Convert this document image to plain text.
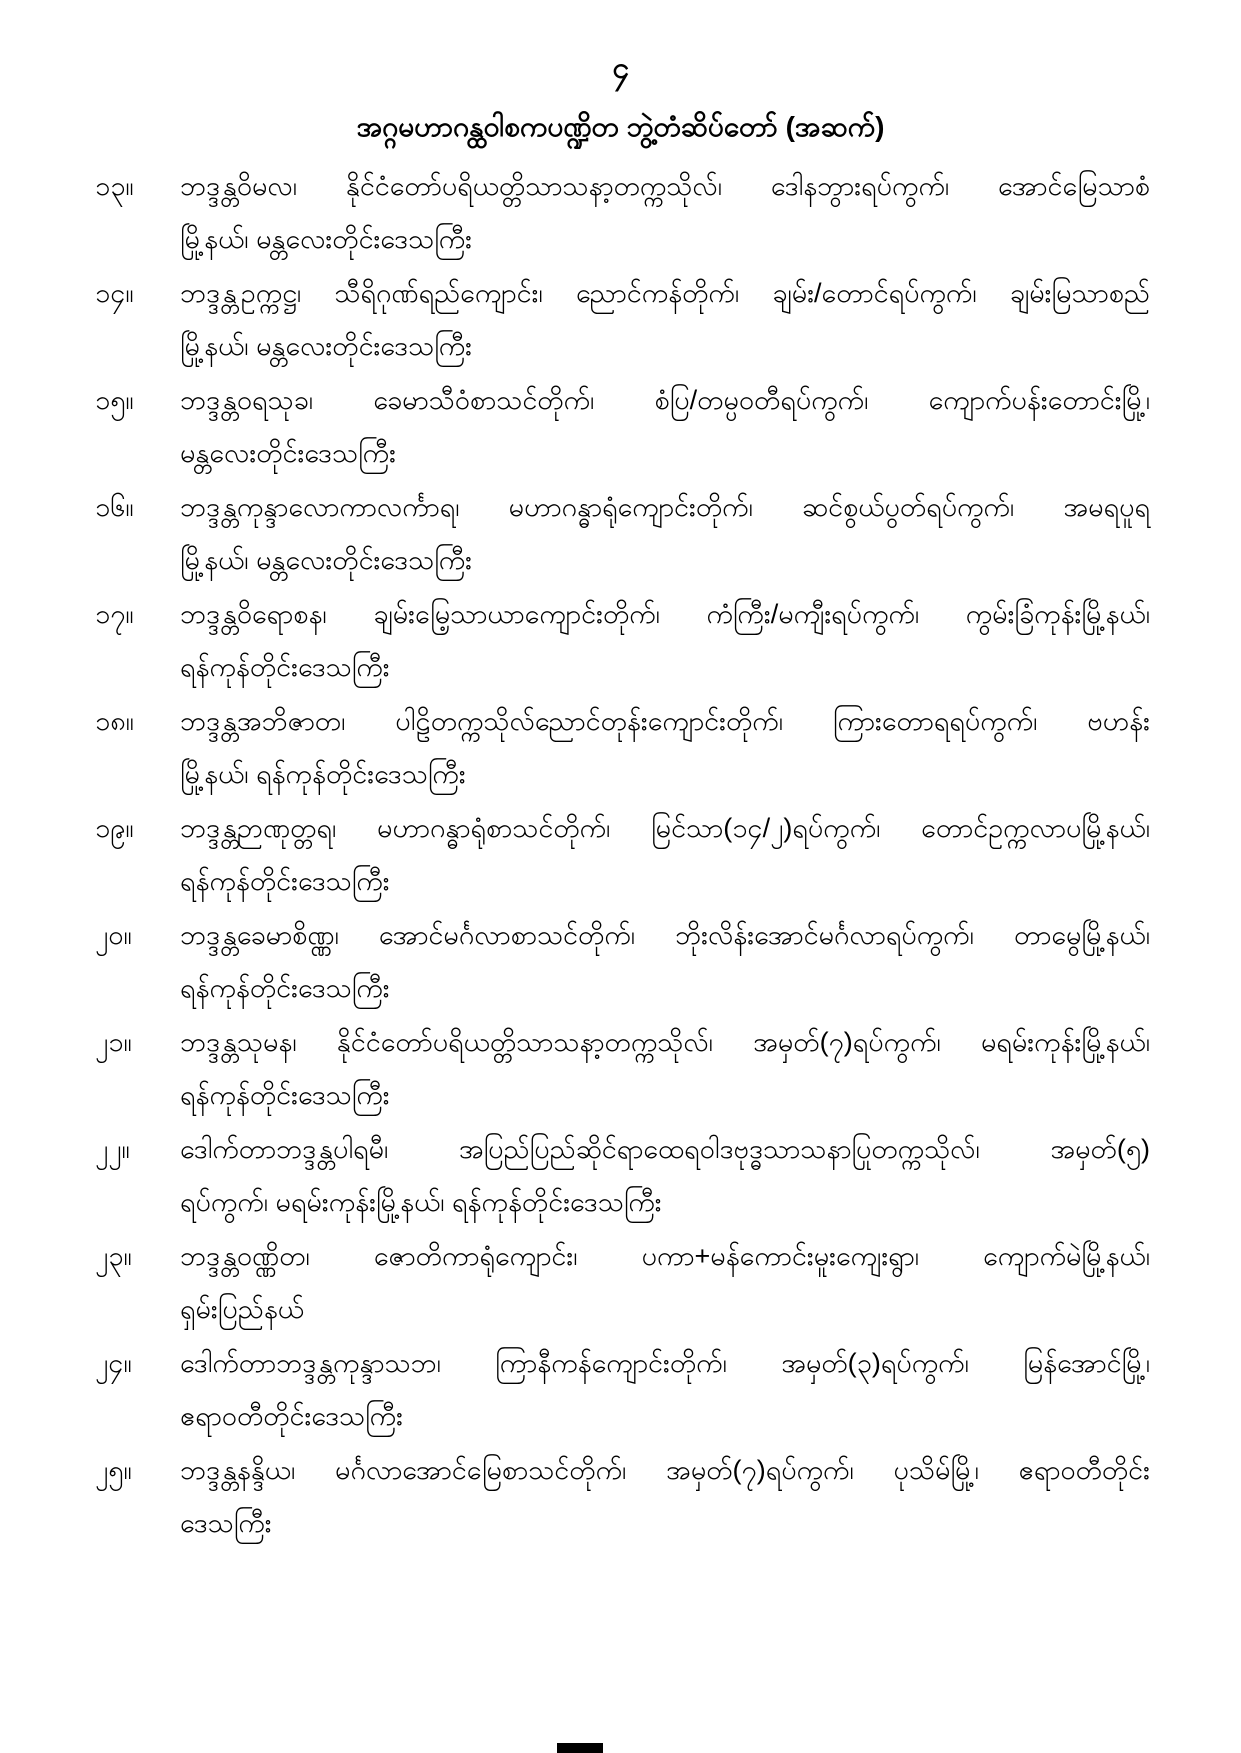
၄
အဂ္ဂမဟာဂန္ထဝါစကပဏ္ဍိတ ဘွဲ့တံဆိပ်တော် (အဆက်)
၁၃။	ဘဒ္ဒန္တဝိမလ၊ နိုင်ငံတော်ပရိယတ္တိသာသနာ့တက္ကသိုလ်၊ ဒေါနဘွားရပ်ကွက်၊ အောင်မြေသာစံ
မြို့နယ်၊ မန္တလေးတိုင်းဒေသကြီး
၁၄။	ဘဒ္ဒန္တဥက္ကဋ္ဌ၊ သီရိဂုဏ်ရည်ကျောင်း၊ ညောင်ကန်တိုက်၊ ချမ်း/တောင်ရပ်ကွက်၊ ချမ်းမြသာစည်
မြို့နယ်၊ မန္တလေးတိုင်းဒေသကြီး
၁၅။	ဘဒ္ဒန္တဝရသုခ၊ ခေမာသီဝံစာသင်တိုက်၊ စံပြ/တမ္ပဝတီရပ်ကွက်၊ ကျောက်ပန်းတောင်းမြို့၊
မန္တလေးတိုင်းဒေသကြီး
၁၆။	ဘဒ္ဒန္တကုန္ဒာလောကာလင်္ကာရ၊ မဟာဂန္ဓာရုံကျောင်းတိုက်၊ ဆင်စွယ်ပွတ်ရပ်ကွက်၊ အမရပူရ
မြို့နယ်၊ မန္တလေးတိုင်းဒေသကြီး
၁၇။	ဘဒ္ဒန္တဝိရောစန၊ ချမ်းမြေ့သာယာကျောင်းတိုက်၊ ကံကြီး/မကျီးရပ်ကွက်၊ ကွမ်းခြံကုန်းမြို့နယ်၊
ရန်ကုန်တိုင်းဒေသကြီး
၁၈။	ဘဒ္ဒန္တအဘိဇာတ၊ ပါဠိတက္ကသိုလ်ညောင်တုန်းကျောင်းတိုက်၊ ကြားတောရရပ်ကွက်၊ ဗဟန်း
မြို့နယ်၊ ရန်ကုန်တိုင်းဒေသကြီး
၁၉။	ဘဒ္ဒန္တဉာဏုတ္တရ၊ မဟာဂန္ဓာရုံစာသင်တိုက်၊ မြင်သာ(၁၄/၂)ရပ်ကွက်၊ တောင်ဥက္ကလာပမြို့နယ်၊
ရန်ကုန်တိုင်းဒေသကြီး
၂၀။	ဘဒ္ဒန္တခေမာစိဏ္ဏ၊ အောင်မင်္ဂလာစာသင်တိုက်၊ ဘိုးလိန်းအောင်မင်္ဂလာရပ်ကွက်၊ တာမွေမြို့နယ်၊
ရန်ကုန်တိုင်းဒေသကြီး
၂၁။	ဘဒ္ဒန္တသုမန၊ နိုင်ငံတော်ပရိယတ္တိသာသနာ့တက္ကသိုလ်၊ အမှတ်(၇)ရပ်ကွက်၊ မရမ်းကုန်းမြို့နယ်၊
ရန်ကုန်တိုင်းဒေသကြီး
၂၂။	ဒေါက်တာဘဒ္ဒန္တပါရမီ၊ အပြည်ပြည်ဆိုင်ရာထေရဝါဒဗုဒ္ဓသာသနာပြုတက္ကသိုလ်၊ အမှတ်(၅)
ရပ်ကွက်၊ မရမ်းကုန်းမြို့နယ်၊ ရန်ကုန်တိုင်းဒေသကြီး
၂၃။	ဘဒ္ဒန္တဝဏ္ဏိတ၊ ဇောတိကာရုံကျောင်း၊ ပကာ+မန်ကောင်းမူးကျေးရွာ၊ ကျောက်မဲမြို့နယ်၊
ရှမ်းပြည်နယ်
၂၄။	ဒေါက်တာဘဒ္ဒန္တကုန္ဒာသဘ၊ ကြာနီကန်ကျောင်းတိုက်၊ အမှတ်(၃)ရပ်ကွက်၊ မြန်အောင်မြို့၊
ဧရာဝတီတိုင်းဒေသကြီး
၂၅။	ဘဒ္ဒန္တနန္ဒိယ၊ မင်္ဂလာအောင်မြေစာသင်တိုက်၊ အမှတ်(၇)ရပ်ကွက်၊ ပုသိမ်မြို့၊ ဧရာဝတီတိုင်း
ဒေသကြီး
